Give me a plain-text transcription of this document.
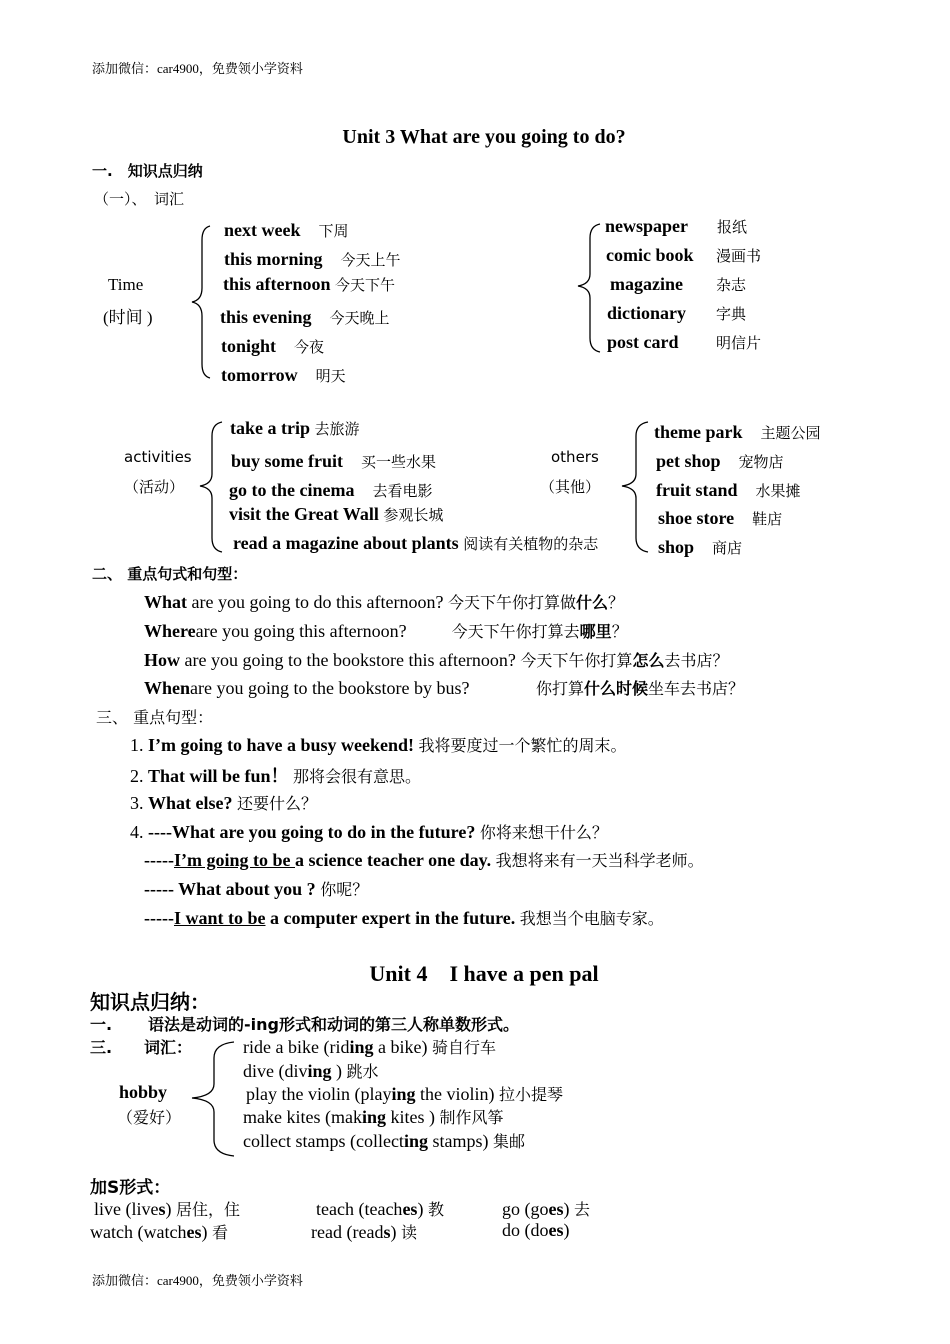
添加微信：car4900，免费领小学资料
Unit 3 What are you going to do?
一.　知识点归纳
（一）、　词汇
Time
(时间 )
next week　 下周
this morning　 今天上午
this afternoon 今天下午
this evening　 今天晚上
tonight　 今夜
tomorrow　 明天
newspaper 报纸
comic book 漫画书
magazine 杂志
dictionary 字典
post card	明信片
activities
（活动）
take a trip 去旅游
buy some fruit　 买一些水果
go to the cinema　 去看电影
visit the Great Wall 参观长城
read a magazine about plants 阅读有关植物的杂志
others
（其他）
theme park　 主题公园
pet shop　 宠物店
fruit stand　 水果摊
shoe store　 鞋店
shop　 商店
二、 重点句式和句型：
What are you going to do this afternoon? 今天下午你打算做什么？
Whereare you going this afternoon?	今天下午你打算去哪里？
How are you going to the bookstore this afternoon? 今天下午你打算怎么去书店？
Whenare you going to the bookstore by bus?	你打算什么时候坐车去书店？
三、 重点句型：
1. I’m going to have a busy weekend! 我将要度过一个繁忙的周末。
2. That will be fun！ 那将会很有意思。
3. What else? 还要什么？
4. ----What are you going to do in the future? 你将来想干什么？
-----I’m going to be a science teacher one day. 我想将来有一天当科学老师。
----- What about you ? 你呢？
-----I want to be a computer expert in the future. 我想当个电脑专家。
Unit 4　I have a pen pal
知识点归纳：
一. 语法是动词的-ing形式和动词的第三人称单数形式。
三. 词汇：
hobby
（爱好）
ride a bike (riding a bike) 骑自行车
dive (diving ) 跳水
play the violin (playing the violin) 拉小提琴
make kites (making kites ) 制作风筝
collect stamps (collecting stamps) 集邮
加S形式：
live (lives) 居住，住	teach (teaches) 教	go (goes) 去
watch (watches) 看	read (reads) 读	do (does)
添加微信：car4900，免费领小学资料
